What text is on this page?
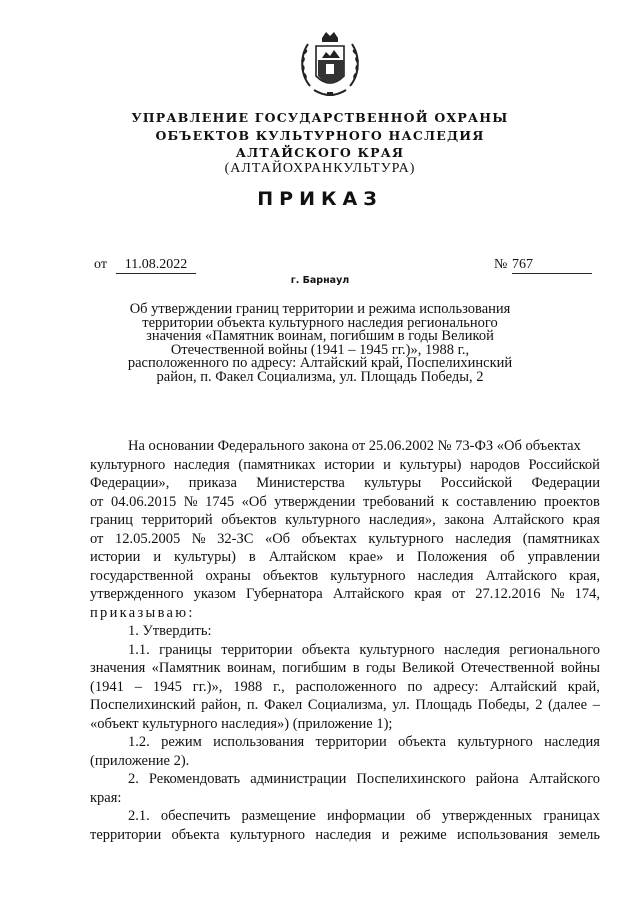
УПРАВЛЕНИЕ ГОСУДАРСТВЕННОЙ ОХРАНЫ
ОБЪЕКТОВ КУЛЬТУРНОГО НАСЛЕДИЯ
АЛТАЙСКОГО КРАЯ
(АЛТАЙОХРАНКУЛЬТУРА)
ПРИКАЗ
от	11.08.2022	№ 767
г. Барнаул
Об утверждении границ территории и режима использования
территории объекта культурного наследия регионального
значения «Памятник воинам, погибшим в годы Великой
Отечественной войны (1941 – 1945 гг.)», 1988 г.,
расположенного по адресу: Алтайский край, Поспелихинский
район, п. Факел Социализма, ул. Площадь Победы, 2
На основании Федерального закона от 25.06.2002 № 73-ФЗ «Об объектах
культурного наследия (памятниках истории и культуры) народов Российской
Федерации», приказа Министерства культуры Российской Федерации
от 04.06.2015 № 1745 «Об утверждении требований к составлению проектов
границ территорий объектов культурного наследия», закона Алтайского края
от 12.05.2005 № 32-ЗС «Об объектах культурного наследия (памятниках
истории и культуры) в Алтайском крае» и Положения об управлении
государственной охраны объектов культурного наследия Алтайского края,
утвержденного указом Губернатора Алтайского края от 27.12.2016 № 174,
приказываю:
1. Утвердить:
1.1. границы территории объекта культурного наследия регионального
значения «Памятник воинам, погибшим в годы Великой Отечественной войны
(1941 – 1945 гг.)», 1988 г., расположенного по адресу: Алтайский край,
Поспелихинский район, п. Факел Социализма, ул. Площадь Победы, 2 (далее –
«объект культурного наследия») (приложение 1);
1.2. режим использования территории объекта культурного наследия
(приложение 2).
2. Рекомендовать администрации Поспелихинского района Алтайского
края:
2.1. обеспечить размещение информации об утвержденных границах
территории объекта культурного наследия и режиме использования земель
